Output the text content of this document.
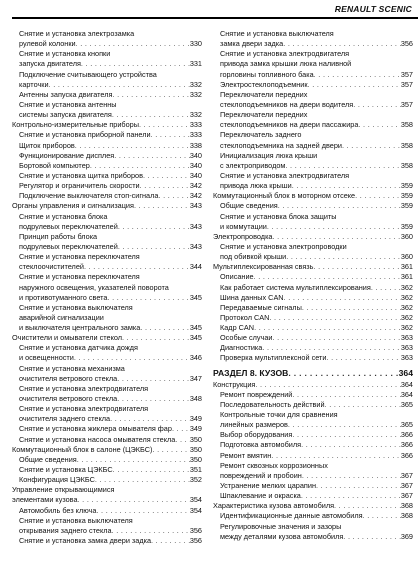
RENAULT SCENIC
Снятие и установка электрозамка
рулевой колонки . . .	330
Снятие и установка кнопки
запуска двигателя . . .	331
Подключение считывающего устройства
карточки . . .	332
Антенны запуска двигателя . . .	332
Снятие и установка антенны
системы запуска двигателя . . .	332
Контрольно-измерительные приборы . . .	333
Снятие и установка приборной панели . . .	333
Щиток приборов . . .	338
Функционирование дисплея . . .	340
Бортовой компьютер . . .	340
Снятие и установка щитка приборов . . .	340
Регулятор и ограничитель скорости . . .	342
Подключение выключателя стоп-сигнала . . .	342
Органы управления и сигнализация . . .	343
Снятие и установка блока
подрулевых переключателей . . .	343
Принцип работы блока
подрулевых переключателей . . .	343
Снятие и установка переключателя
стеклоочистителей . . .	344
Снятие и установка переключателя
наружного освещения, указателей поворота
и противотуманного света . . .	345
Снятие и установка выключателя
аварийной сигнализации
и выключателя центрального замка . . .	345
Очистители и омыватели стекол . . .	345
Снятие и установка датчика дождя
и освещенности . . .	346
Снятие и установка механизма
очистителя ветрового стекла . . .	347
Снятие и установка электродвигателя
очистителя ветрового стекла . . .	348
Снятие и установка электродвигателя
очистителя заднего стекла . . .	349
Снятие и установка жиклера омывателя фар . . . 349
Снятие и установка насоса омывателя стекла . . . 350
Коммутационный блок в салоне (ЦЭКБС) . . .	350
Общие сведения . . .	350
Снятие и установка ЦЭКБС . . .	351
Конфигурация ЦЭКБС . . .	352
Управление открывающимися
элементами кузова . . .	354
Автомобиль без ключа . . .	354
Снятие и установка выключателя
открывания заднего стекла . . .	356
Снятие и установка замка двери задка . . .	356
Снятие и установка выключателя
замка двери задка . . .	356
Снятие и установка электродвигателя
привода замка крышки люка наливной
горловины топливного бака . . .	357
Электростеклоподъемник . . .	357
Переключатели передних
стеклоподъемников на двери водителя . . .	357
Переключатели передних
стеклоподъемников на двери пассажира . . .	358
Переключатель заднего
стеклоподъемника на задней двери . . .	358
Инициализация люка крыши
с электроприводом . . .	358
Снятие и установка электродвигателя
привода люка крыши . . .	359
Коммутационный блок в моторном отсеке . . .	359
Общие сведения . . .	359
Снятие и установка блока защиты
и коммутации . . .	359
Электропроводка . . .	360
Снятие и установка электропроводки
под обивкой крыши . . .	360
Мультиплексированная связь . . .	361
Описание . . .	361
Как работает система мультиплексирования . . .	362
Шина данных CAN . . .	362
Передаваемые сигналы . . .	362
Протокол CAN . . .	362
Кадр CAN . . .	362
Особые случаи . . .	363
Диагностика . . .	363
Проверка мультиплексной сети . . .	363
РАЗДЕЛ 8. КУЗОВ . . .	364
Конструкция . . .	364
Ремонт повреждений . . .	364
Последовательность действий . . .	365
Контрольные точки для сравнения
линейных размеров . . .	365
Выбор оборудования . . .	366
Подготовка автомобиля . . .	366
Ремонт вмятин . . .	366
Ремонт сквозных коррозионных
повреждений и пробоин . . .	367
Устранение мелких царапин . . .	367
Шпаклевание и окраска . . .	367
Характеристика кузова автомобиля . . .	368
Идентификационные данные автомобиля . . .	368
Регулировочные значения и зазоры
между деталями кузова автомобиля . . .	369
